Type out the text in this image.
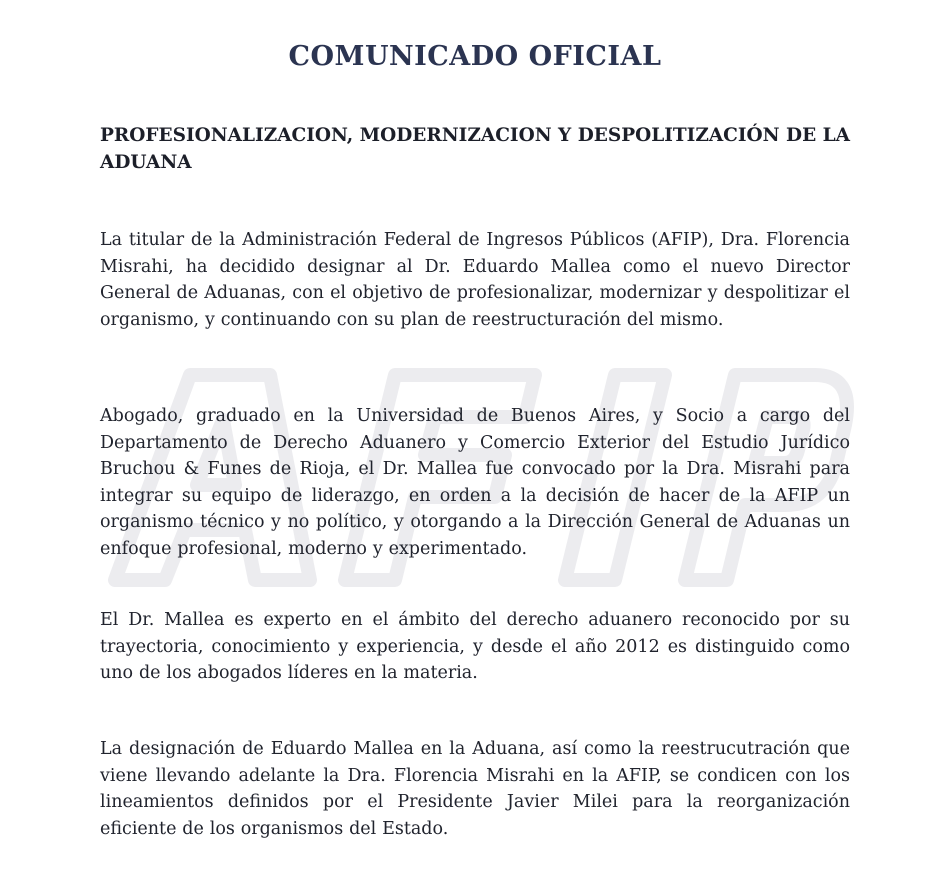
COMUNICADO OFICIAL
PROFESIONALIZACION, MODERNIZACION Y DESPOLITIZACIÓN DE LA ADUANA

La titular de la Administración Federal de Ingresos Públicos (AFIP), Dra. Florencia Misrahi, ha decidido designar al Dr. Eduardo Mallea como el nuevo Director General de Aduanas, con el objetivo de profesionalizar, modernizar y despolitizar el organismo, y continuando con su plan de reestructuración del mismo.

Abogado, graduado en la Universidad de Buenos Aires, y Socio a cargo del Departamento de Derecho Aduanero y Comercio Exterior del Estudio Jurídico Bruchou & Funes de Rioja, el Dr. Mallea fue convocado por la Dra. Misrahi para integrar su equipo de liderazgo, en orden a la decisión de hacer de la AFIP un organismo técnico y no político, y otorgando a la Dirección General de Aduanas un enfoque profesional, moderno y experimentado.

El Dr. Mallea es experto en el ámbito del derecho aduanero reconocido por su trayectoria, conocimiento y experiencia, y desde el año 2012 es distinguido como uno de los abogados líderes en la materia.

La designación de Eduardo Mallea en la Aduana, así como la reestrucutración que viene llevando adelante la Dra. Florencia Misrahi en la AFIP, se condicen con los lineamientos definidos por el Presidente Javier Milei para la reorganización eficiente de los organismos del Estado.
